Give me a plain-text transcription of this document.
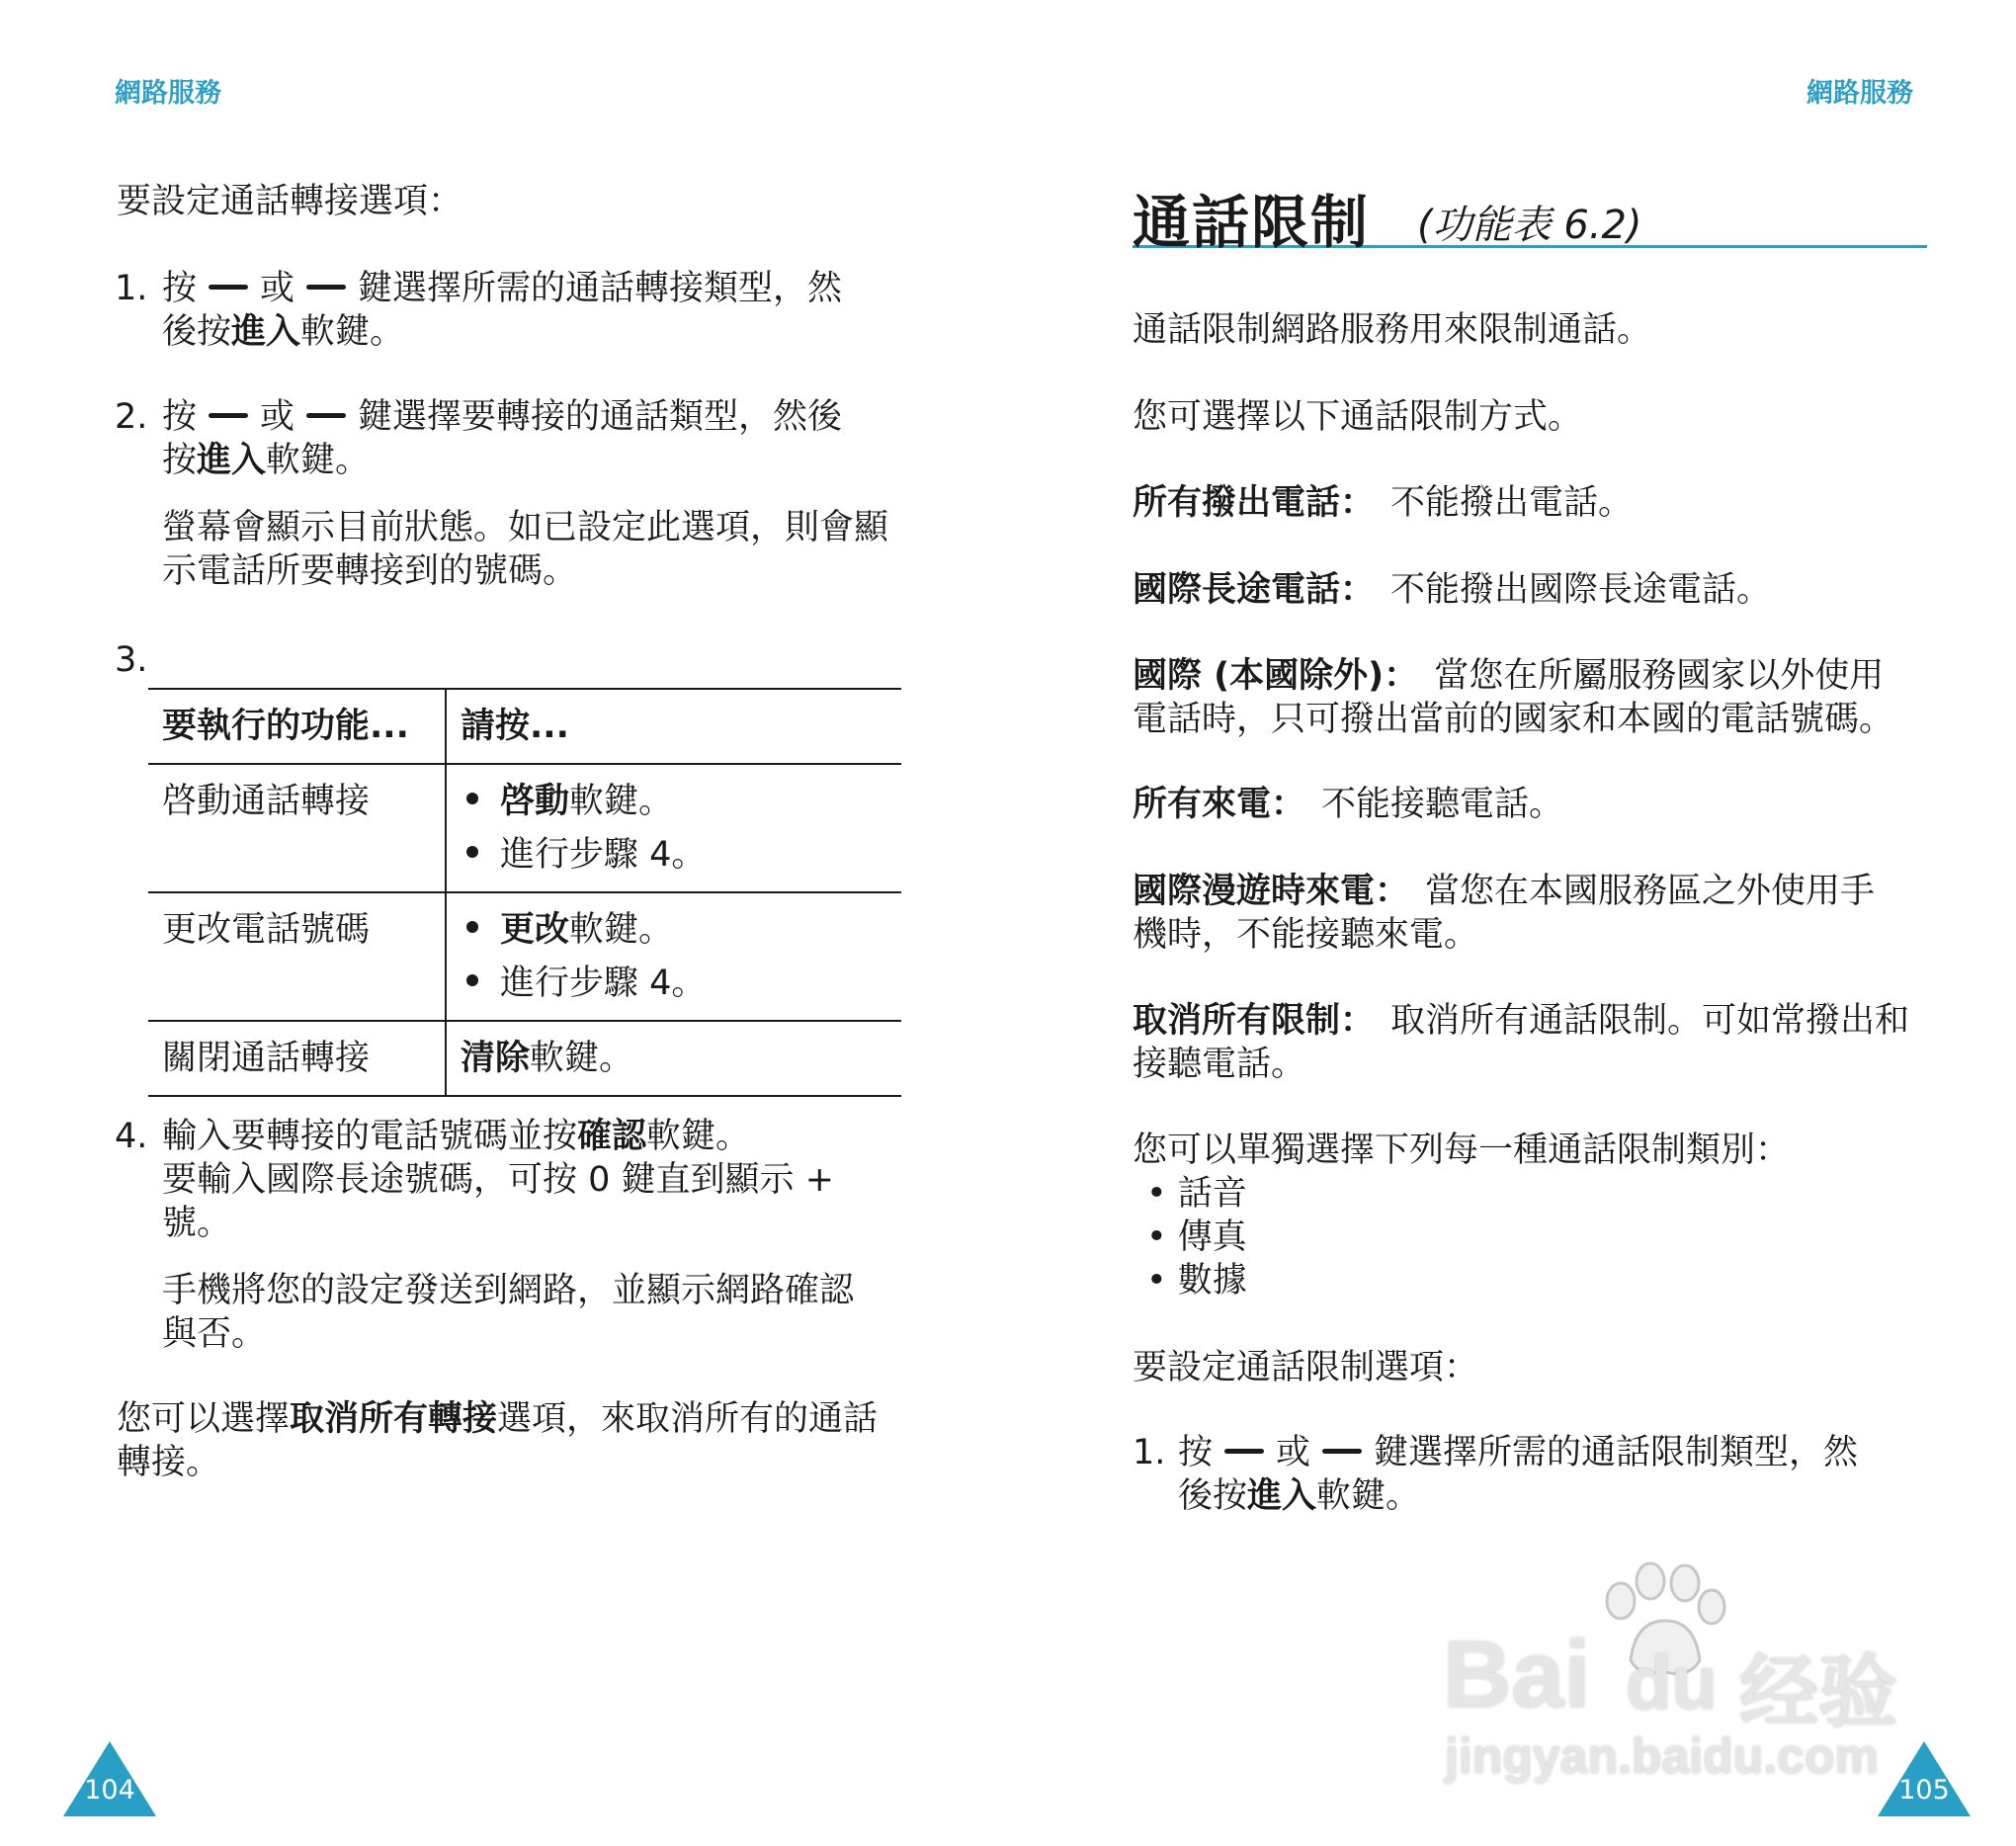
網路服務
要設定通話轉接選項：
1. 按 或 鍵選擇所需的通話轉接類型，然
後按進入軟鍵。
2. 按 或 鍵選擇要轉接的通話類型，然後
按進入軟鍵。
螢幕會顯示目前狀態。如已設定此選項，則會顯
示電話所要轉接到的號碼。
3.
要執行的功能...	請按...
啓動通話轉接	啓動軟鍵。
進行步驟 4。

更改電話號碼	更改軟鍵。
進行步驟 4。

關閉通話轉接	清除軟鍵。
4. 輸入要轉接的電話號碼並按確認軟鍵。
要輸入國際長途號碼，可按 0 鍵直到顯示 +
號。
手機將您的設定發送到網路，並顯示網路確認
與否。
您可以選擇取消所有轉接選項，來取消所有的通話
轉接。
104
網路服務
通話限制 (功能表 6.2)
通話限制網路服務用來限制通話。
您可選擇以下通話限制方式。
所有撥出電話： 不能撥出電話。
國際長途電話： 不能撥出國際長途電話。
國際 (本國除外)： 當您在所屬服務國家以外使用
電話時，只可撥出當前的國家和本國的電話號碼。
所有來電： 不能接聽電話。
國際漫遊時來電： 當您在本國服務區之外使用手
機時，不能接聽來電。
取消所有限制： 取消所有通話限制。可如常撥出和
接聽電話。
您可以單獨選擇下列每一種通話限制類別：
• 話音
• 傳真
• 數據
要設定通話限制選項：
1. 按 或 鍵選擇所需的通話限制類型，然
後按進入軟鍵。
105
Bai du 经验
jingyan.baidu.com
